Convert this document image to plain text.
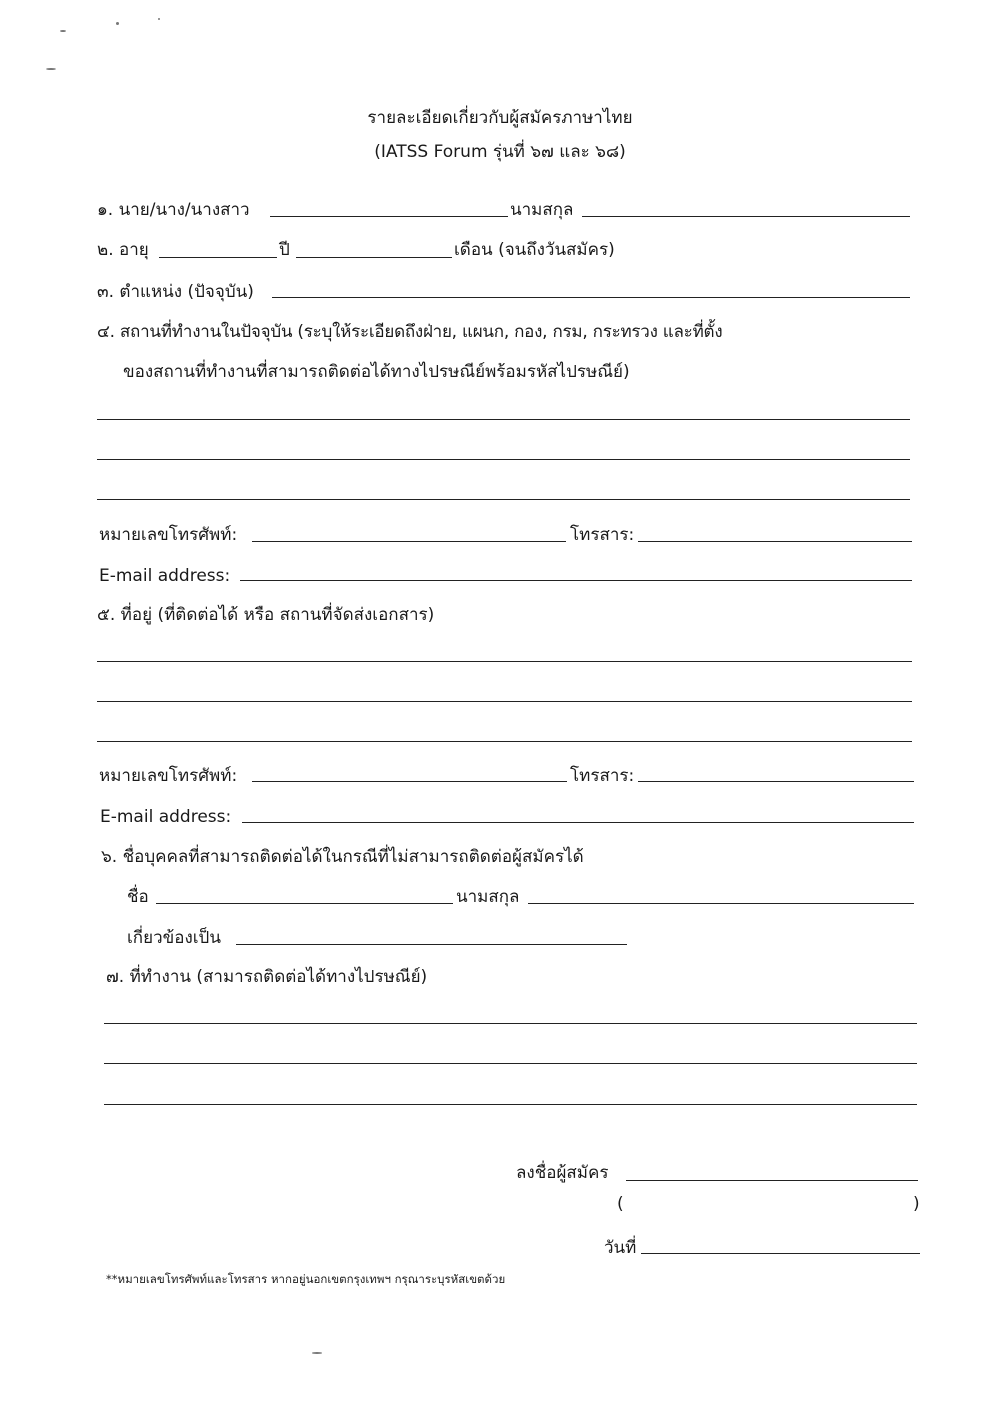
รายละเอียดเกี่ยวกับผู้สมัครภาษาไทย
(IATSS Forum รุ่นที่ ๖๗ และ ๖๘)
๑. นาย/นาง/นางสาว	นามสกุล
๒. อายุ	ปี	เดือน (จนถึงวันสมัคร)
๓. ตำแหน่ง (ปัจจุบัน)
๔. สถานที่ทำงานในปัจจุบัน (ระบุให้ระเอียดถึงฝ่าย, แผนก, กอง, กรม, กระทรวง และที่ตั้ง
ของสถานที่ทำงานที่สามารถติดต่อได้ทางไปรษณีย์พร้อมรหัสไปรษณีย์)
หมายเลขโทรศัพท์:	โทรสาร:
E-mail address:
๕. ที่อยู่ (ที่ติดต่อได้ หรือ สถานที่จัดส่งเอกสาร)
หมายเลขโทรศัพท์:	โทรสาร:
E-mail address:
๖. ชื่อบุคคลที่สามารถติดต่อได้ในกรณีที่ไม่สามารถติดต่อผู้สมัครได้
ชื่อ	นามสกุล
เกี่ยวข้องเป็น
๗. ที่ทำงาน (สามารถติดต่อได้ทางไปรษณีย์)
ลงชื่อผู้สมัคร
(	)
วันที่
**หมายเลขโทรศัพท์และโทรสาร หากอยู่นอกเขตกรุงเทพฯ กรุณาระบุรหัสเขตด้วย
